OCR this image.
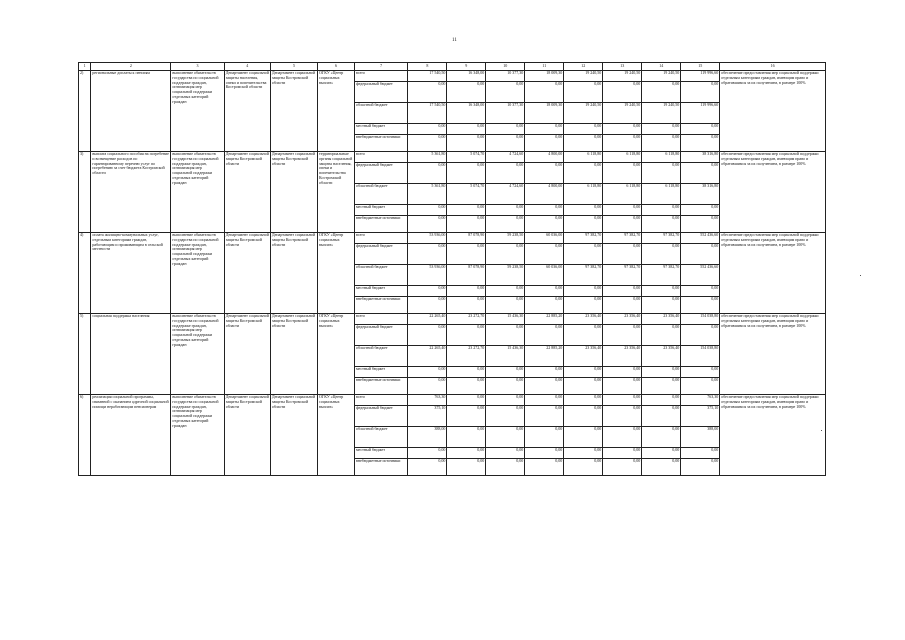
11
1	2	3	4	5	6	7	8	9	10	11	12	13	14	15	16
2)	региональные доплаты к пенсиям	выполнение обязательств государства по социальной поддержке граждан, оптимизация мер социальной поддержки отдельных категорий граждан	Департамент социальной защиты населения, опеки и попечительства Костромской области	Департамент социальной защиты Костромской области	ОГКУ «Центр социальных выплат»	всего	17 540,50	16 348,00	10 377,30	18 009,30	19 240,50	19 240,50	19 240,50	119 996,60	обеспечение предоставления мер социальной поддержки отдельным категориям граждан, имеющим право и обратившимся за их получением, в размере 100%
						федеральный бюджет	0,00	0,00	0,00	0,00	0,00	0,00	0,00	0,00	
						областной бюджет	17 540,50	16 348,00	10 377,30	18 009,30	19 240,50	19 240,50	19 240,50	119 996,60	
						местный бюджет	0,00	0,00	0,00	0,00	0,00	0,00	0,00	0,00	
						внебюджетные источники	0,00	0,00	0,00	0,00	0,00	0,00	0,00	0,00	
3)	выплата социального пособия на погребение и возмещение расходов по гарантированному перечню услуг по погребению за счет бюджета Костромской области	выполнение обязательств государства по социальной поддержке граждан, оптимизация мер социальной поддержки отдельных категорий граждан	Департамент социальной защиты Костромской области	Департамент социальной защиты Костромской области	территориальные органы социальной защиты населения, опеки и попечительства Костромской области	всего	5 361,80	5 074,70	4 724,60	4 800,00	6 118,80	6 118,80	6 118,80	38 316,80	обеспечение предоставления мер социальной поддержки отдельным категориям граждан, имеющим право и обратившимся за их получением, в размере 100%
						федеральный бюджет	0,00	0,00	0,00	0,00	0,00	0,00	0,00	0,00	
						областной бюджет	5 361,80	5 074,70	4 724,60	4 800,00	6 118,80	6 118,80	6 118,80	38 316,80	
						местный бюджет	0,00	0,00	0,00	0,00	0,00	0,00	0,00	0,00	
						внебюджетные источники	0,00	0,00	0,00	0,00	0,00	0,00	0,00	0,00	
4)	оплата жилищно-коммунальных услуг, отдельным категориям граждан, работающим и проживающим в сельской местности	выполнение обязательств государства по социальной поддержке граждан, оптимизация мер социальной поддержки отдельных категорий граждан	Департамент социальной защиты Костромской области	Департамент социальной защиты Костромской области	ОГКУ «Центр социальных выплат»	всего	53 936,00	87 078,90	59 238,50	60 036,00	97 382,70	97 382,70	97 382,70	552 436,60	обеспечение предоставления мер социальной поддержки отдельным категориям граждан, имеющим право и обратившимся за их получением, в размере 100%
						федеральный бюджет	0,00	0,00	0,00	0,00	0,00	0,00	0,00	0,00	
						областной бюджет	53 936,00	87 078,90	59 238,50	60 036,00	97 382,70	97 382,70	97 382,70	552 436,60	
						местный бюджет	0,00	0,00	0,00	0,00	0,00	0,00	0,00	0,00	
						внебюджетные источники	0,00	0,00	0,00	0,00	0,00	0,00	0,00	0,00	
5)	социальная поддержка населения	выполнение обязательств государства по социальной поддержке граждан, оптимизация мер социальной поддержки отдельных категорий граждан	Департамент социальной защиты Костромской области	Департамент социальной защиты Костромской области	ОГКУ «Центр социальных выплат»	всего	22 265,40	23 272,70	15 436,30	22 885,20	23 356,40	23 356,40	23 356,40	154 038,80	обеспечение предоставления мер социальной поддержки отдельным категориям граждан, имеющим право и обратившимся за их получением, в размере 100%
						федеральный бюджет	0,00	0,00	0,00	0,00	0,00	0,00	0,00	0,00	
						областной бюджет	22 265,40	23 272,70	15 436,30	22 885,20	23 356,40	23 356,40	23 356,40	154 038,80	
						местный бюджет	0,00	0,00	0,00	0,00	0,00	0,00	0,00	0,00	
						внебюджетные источники	0,00	0,00	0,00	0,00	0,00	0,00	0,00	0,00	
6)	реализация социальной программы, связанной с оказанием адресной социальной помощи неработающим пенсионерам	выполнение обязательств государства по социальной поддержке граждан, оптимизация мер социальной поддержки отдельных категорий граждан	Департамент социальной защиты Костромской области	Департамент социальной защиты Костромской области	ОГКУ «Центр социальных выплат»	всего	763,30	0,00	0,00	0,00	0,00	0,00	0,00	763,30	обеспечение предоставления мер социальной поддержки отдельным категориям граждан, имеющим право и обратившимся за их получением, в размере 100%
						федеральный бюджет	375,10	0,00	0,00	0,00	0,00	0,00	0,00	375,10	
						областной бюджет	388,00	0,00	0,00	0,00	0,00	0,00	0,00	388,00	
						местный бюджет	0,00	0,00	0,00	0,00	0,00	0,00	0,00	0,00	
						внебюджетные источники	0,00	0,00	0,00	0,00	0,00	0,00	0,00	0,00	
